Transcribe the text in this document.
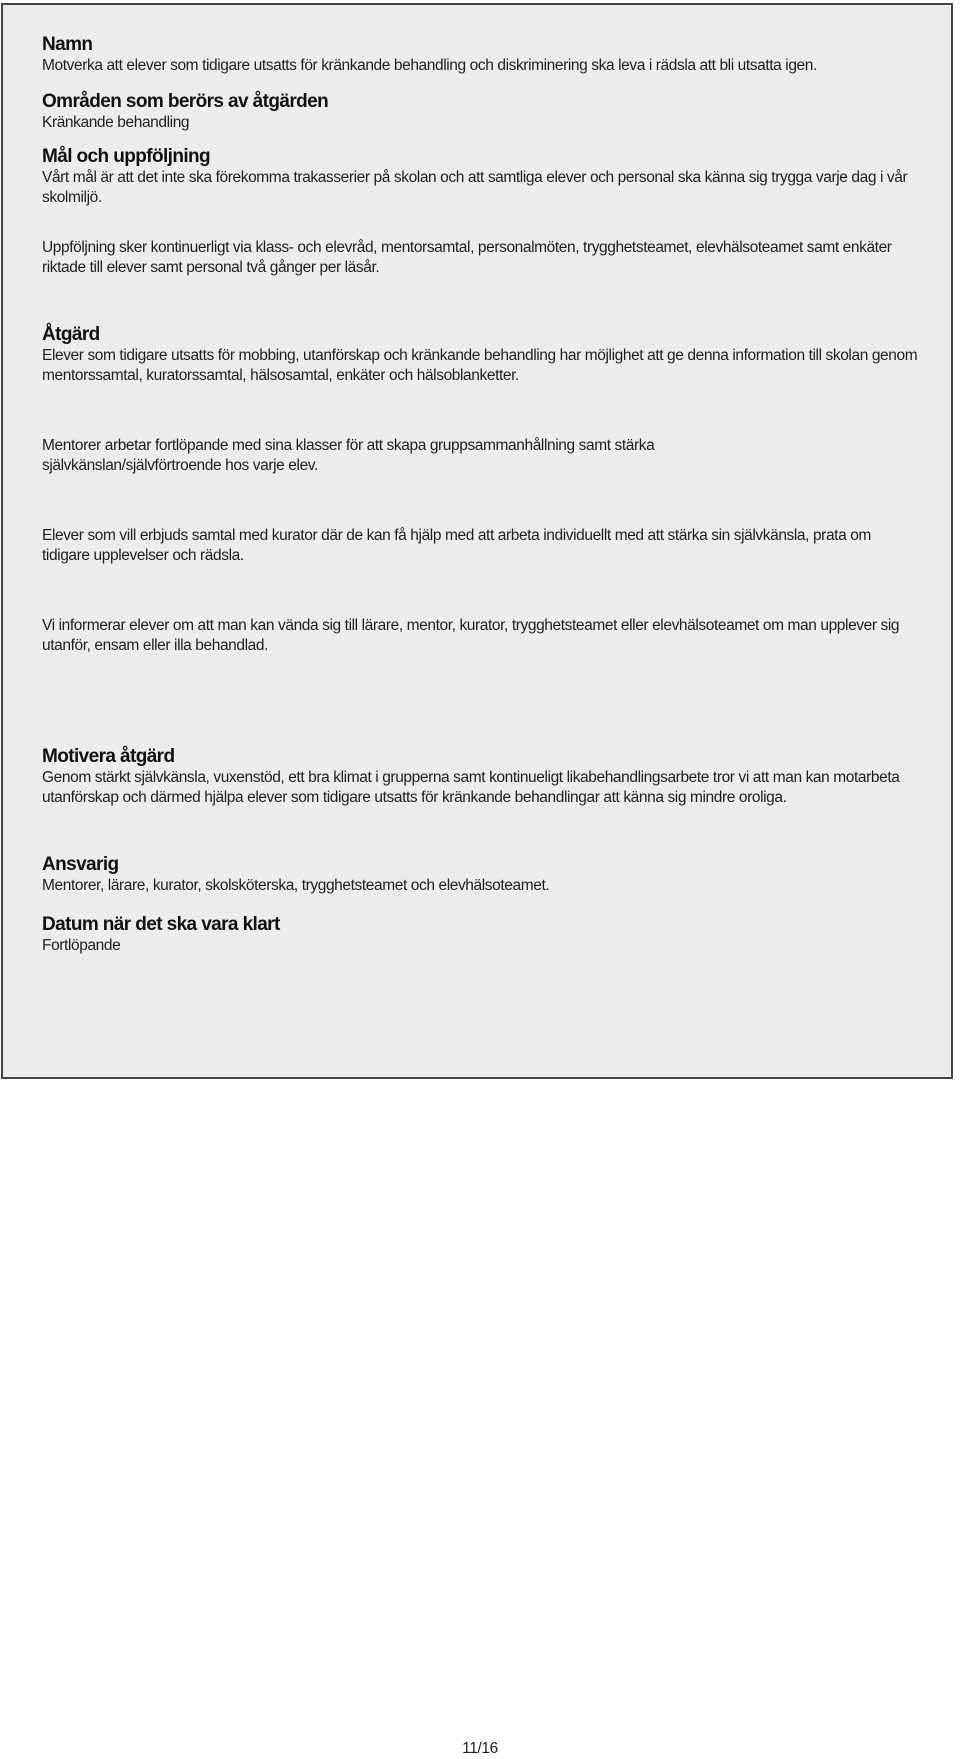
Namn

Motverka att elever som tidigare utsatts för kränkande behandling och diskriminering ska leva i rädsla att bli utsatta igen.

Områden som berörs av åtgärden

Kränkande behandling

Mål och uppföljning

Vårt mål är att det inte ska förekomma trakasserier på skolan och att samtliga elever och personal ska känna sig trygga varje dag i vår skolmiljö.

Uppföljning sker kontinuerligt via klass- och elevråd, mentorsamtal, personalmöten, trygghetsteamet, elevhälsoteamet samt enkäter riktade till elever samt personal två gånger per läsår.

Åtgärd

Elever som tidigare utsatts för mobbing, utanförskap och kränkande behandling har möjlighet att ge denna information till skolan genom mentorssamtal, kuratorssamtal, hälsosamtal, enkäter och hälsoblanketter.

Mentorer arbetar fortlöpande med sina klasser för att skapa gruppsammanhållning samt stärka självkänslan/självförtroende hos varje elev.

Elever som vill erbjuds samtal med kurator där de kan få hjälp med att arbeta individuellt med att stärka sin självkänsla, prata om tidigare upplevelser och rädsla.

Vi informerar elever om att man kan vända sig till lärare, mentor, kurator, trygghetsteamet eller elevhälsoteamet om man upplever sig utanför, ensam eller illa behandlad.

Motivera åtgärd

Genom stärkt självkänsla, vuxenstöd, ett bra klimat i grupperna samt kontinueligt likabehandlingsarbete tror vi att man kan motarbeta utanförskap och därmed hjälpa elever som tidigare utsatts för kränkande behandlingar att känna sig mindre oroliga.

Ansvarig

Mentorer, lärare, kurator, skolsköterska, trygghetsteamet och elevhälsoteamet.

Datum när det ska vara klart

Fortlöpande

11/16
